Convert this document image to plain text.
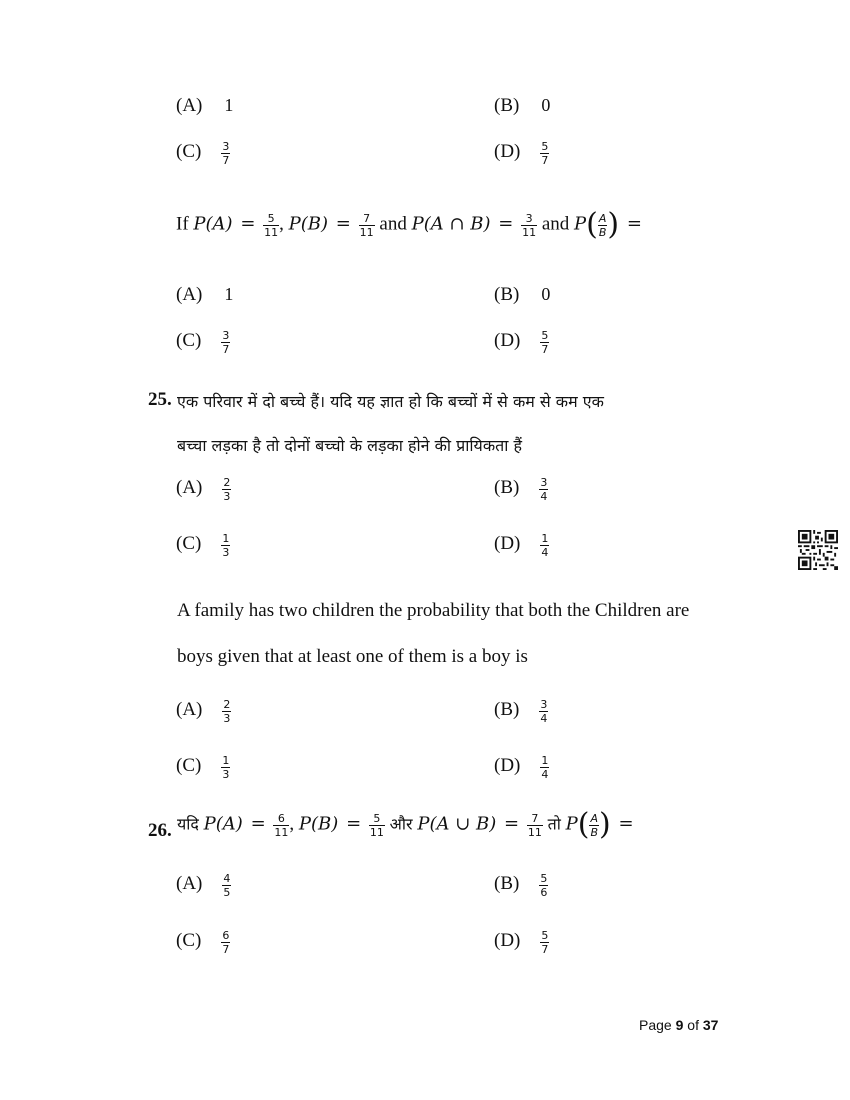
(A) 1	(B) 0
$(C) \frac{3}{7}$	$(D) \frac{5}{7}$
If $P(A) = \frac{5}{11}$ , $P(B) = \frac{7}{11}$ and P(A ∩ $B) = \frac{3}{11}$ and $P( \frac{A}{B}$ ) =
(A) 1	(B) 0
$(C) \frac{3}{7}$	$(D) \frac{5}{7}$
25. एक परिवार में दो बच्चे हैं। यदि यह ज्ञात हो कि बच्चों में से कम से कम एक
बच्चा लड़का है तो दोनों बच्चो के लड़का होने की प्रायिकता हैं
$(A) \frac{2}{3}$	$(B) \frac{3}{4}$
$(C) \frac{1}{3}$	$(D) \frac{1}{4}$
A family has two children the probability that both the Children are
boys given that at least one of them is a boy is
$(A) \frac{2}{3}$	$(B) \frac{3}{4}$
$(C) \frac{1}{3}$	$(D) \frac{1}{4}$
26. यदि $P(A) = \frac{6}{11}$ , $P(B) = \frac{5}{11}$ और P(A ∪ $B) = \frac{7}{11}$ तो $P( \frac{A}{B}$ ) =
$(A) \frac{4}{5}$	$(B) \frac{5}{6}$
$(C) \frac{6}{7}$	$(D) \frac{5}{7}$
Page 9 of 37
